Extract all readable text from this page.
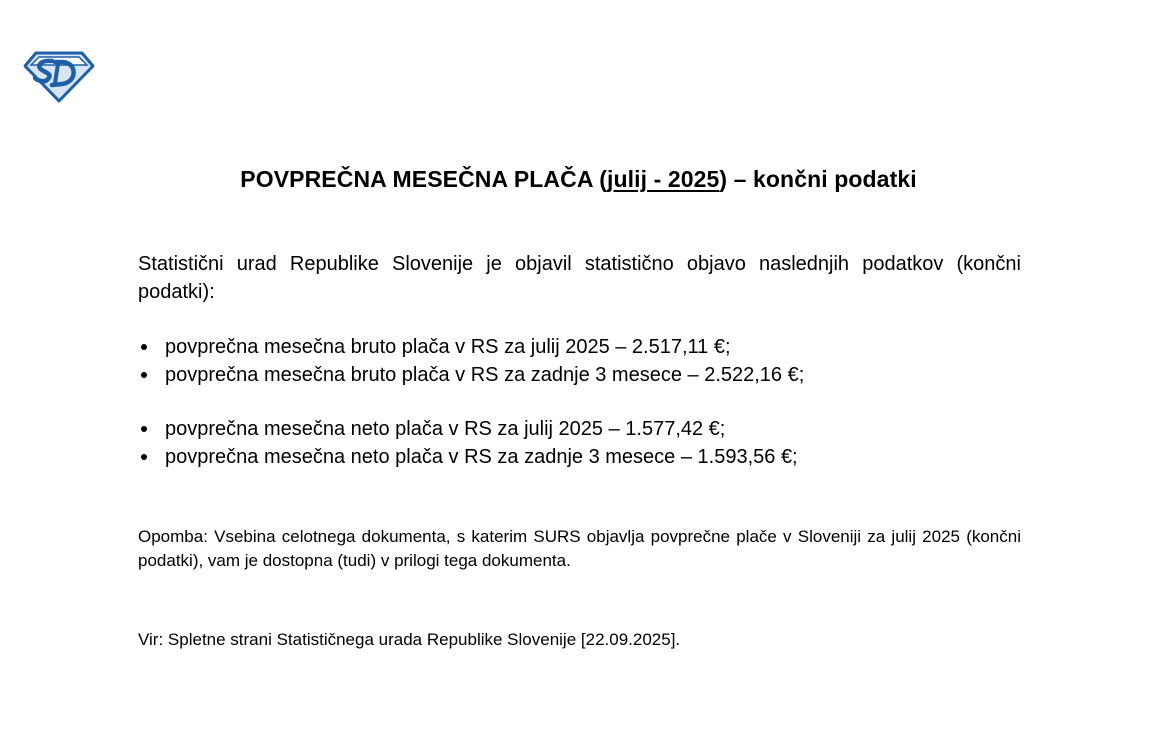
POVPREČNA MESEČNA PLAČA (julij - 2025) – končni podatki
Statistični urad Republike Slovenije je objavil statistično objavo naslednjih podatkov (končni podatki):
povprečna mesečna bruto plača v RS za julij 2025 – 2.517,11 €;
povprečna mesečna bruto plača v RS za zadnje 3 mesece – 2.522,16 €;
povprečna mesečna neto plača v RS za julij 2025 – 1.577,42 €;
povprečna mesečna neto plača v RS za zadnje 3 mesece – 1.593,56 €;
Opomba: Vsebina celotnega dokumenta, s katerim SURS objavlja povprečne plače v Sloveniji za julij 2025 (končni podatki), vam je dostopna (tudi) v prilogi tega dokumenta.
Vir: Spletne strani Statističnega urada Republike Slovenije [22.09.2025].
